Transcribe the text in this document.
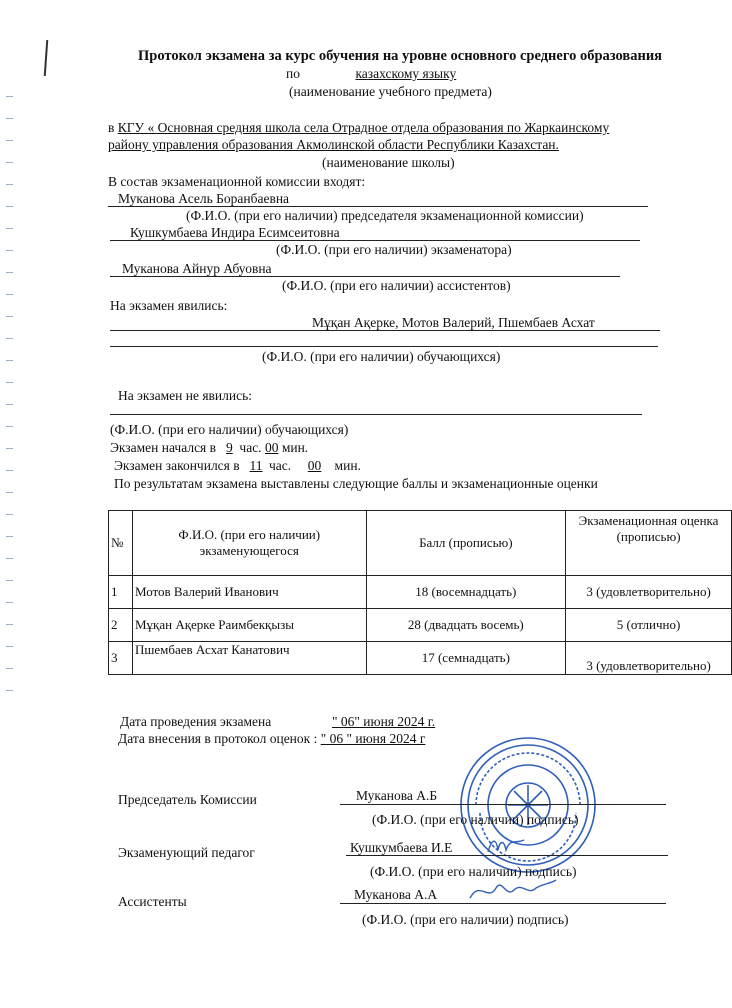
Протокол экзамена за курс обучения на уровне основного среднего образования
по	казахскому языку
(наименование учебного предмета)
в КГУ « Основная средняя школа села Отрадное отдела образования по Жаркаинскому
району управления образования Акмолинской области Республики Казахстан.
(наименование школы)
В состав экзаменационной комиссии входят:
Муканова Асель Боранбаевна
(Ф.И.О. (при его наличии) председателя экзаменационной комиссии)
Кушкумбаева Индира Есимсеитовна
(Ф.И.О. (при его наличии) экзаменатора)
Муканова Айнур Абуовна
(Ф.И.О. (при его наличии) ассистентов)
На экзамен явились:
Мұқан Ақерке, Мотов Валерий, Пшембаев Асхат
(Ф.И.О. (при его наличии) обучающихся)
На экзамен не явились:
(Ф.И.О. (при его наличии) обучающихся)
Экзамен начался в 9 час. 00 мин.
Экзамен закончился в 11 час. 00 мин.
По результатам экзамена выставлены следующие баллы и экзаменационные оценки
№	Ф.И.О. (при его наличии) экзаменующегося	Балл (прописью)	Экзаменационная оценка (прописью)
1	Мотов Валерий Иванович	18 (восемнадцать)	3 (удовлетворительно)
2	Мұқан Ақерке Раимбекқызы	28 (двадцать восемь)	5 (отлично)
3	Пшембаев Асхат Канатович	17 (семнадцать)	3 (удовлетворительно)
Дата проведения экзамена	" 06" июня 2024 г.
Дата внесения в протокол оценок : " 06 " июня 2024 г
Председатель Комиссии	Муканова А.Б
(Ф.И.О. (при его наличии) подпись)
Экзаменующий педагог	Кушкумбаева И.Е
(Ф.И.О. (при его наличии) подпись)
Ассистенты	Муканова А.А
(Ф.И.О. (при его наличии) подпись)
